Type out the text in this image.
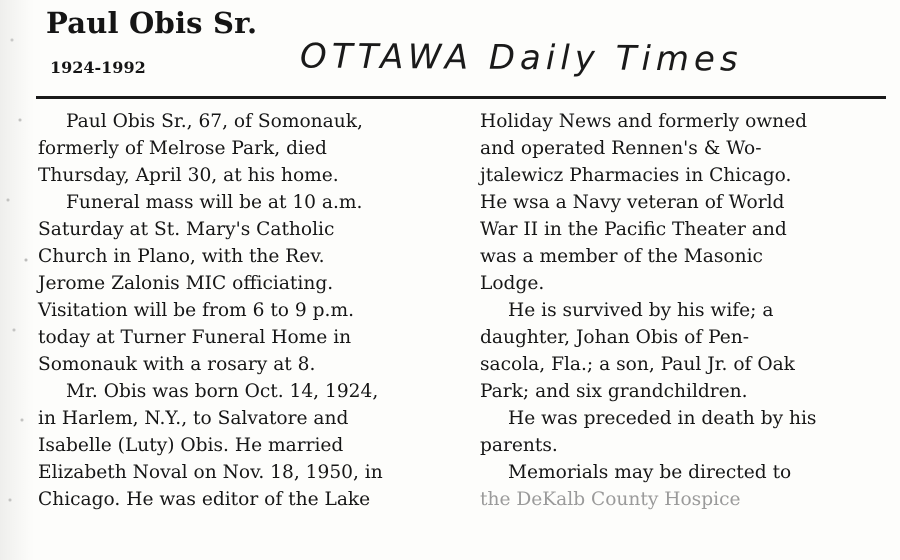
Paul Obis Sr.
1924-1992	OTTAWA Daily Times
Paul Obis Sr., 67, of Somonauk,
formerly of Melrose Park, died
Thursday, April 30, at his home.
Funeral mass will be at 10 a.m.
Saturday at St. Mary's Catholic
Church in Plano, with the Rev.
Jerome Zalonis MIC officiating.
Visitation will be from 6 to 9 p.m.
today at Turner Funeral Home in
Somonauk with a rosary at 8.
Mr. Obis was born Oct. 14, 1924,
in Harlem, N.Y., to Salvatore and
Isabelle (Luty) Obis. He married
Elizabeth Noval on Nov. 18, 1950, in
Chicago. He was editor of the Lake
Holiday News and formerly owned
and operated Rennen's & Wo-
jtalewicz Pharmacies in Chicago.
He wsa a Navy veteran of World
War II in the Pacific Theater and
was a member of the Masonic
Lodge.
He is survived by his wife; a
daughter, Johan Obis of Pen-
sacola, Fla.; a son, Paul Jr. of Oak
Park; and six grandchildren.
He was preceded in death by his
parents.
Memorials may be directed to
the DeKalb County Hospice
